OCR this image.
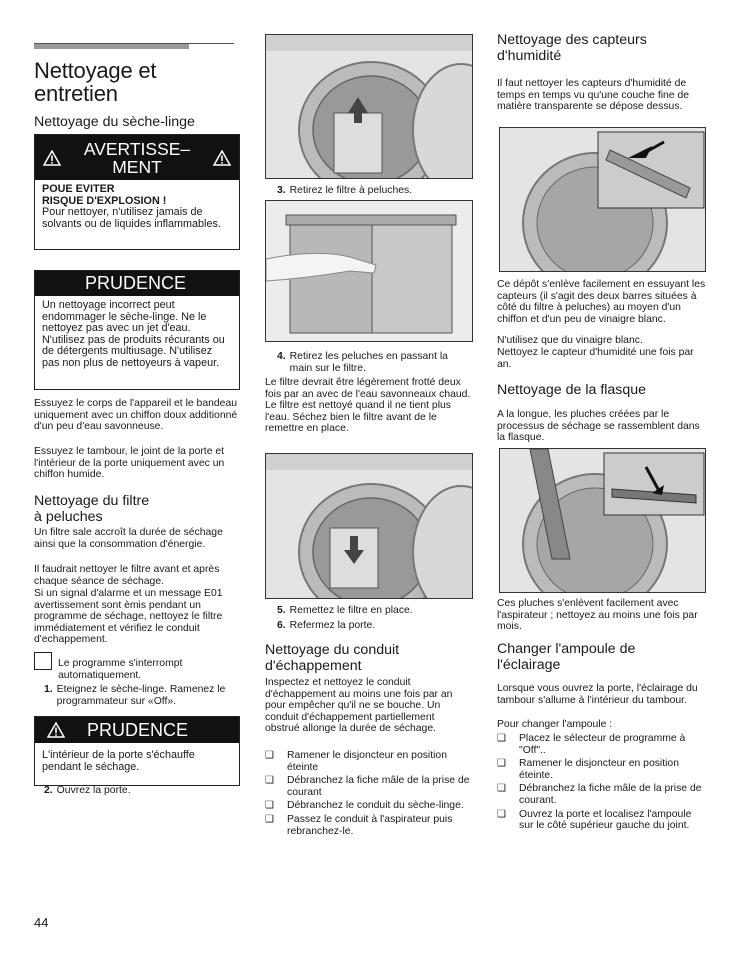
Nettoyage et
entretien
Nettoyage du sèche-linge
AVERTISSE–
MENT
POUE EVITER
RISQUE D'EXPLOSION !
Pour nettoyer, n'utilisez jamais de solvants ou de liquides inflammables.
PRUDENCE
Un nettoyage incorrect peut endommager le sèche-linge. Ne le nettoyez pas avec un jet d'eau. N'utilisez pas de produits récurants ou de détergents multiusage. N'utilisez pas non plus de nettoyeurs à vapeur.
Essuyez le corps de l'appareil et le bandeau uniquement avec un chiffon doux additionné d'un peu d'eau savonneuse.
Essuyez le tambour, le joint de la porte et l'intérieur de la porte uniquement avec un chiffon humide.
Nettoyage du filtre
à peluches
Un filtre sale accroît la durée de séchage ainsi que la consommation d'énergie.
Il faudrait nettoyer le filtre avant et après chaque séance de séchage.
Si un signal d'alarme et un message E01 avertissement sont èmis pendant un programme de séchage, nettoyez le filtre immédiatement et vérifiez le conduit d'echappement.
Le programme s'interrompt automatiquement.
1. Eteignez le sèche-linge. Ramenez le programmateur sur «Off».
PRUDENCE
L'intérieur de la porte s'échauffe pendant le séchage.
2. Ouvrez la porte.
44
3. Retirez le filtre à peluches.
4. Retirez les peluches en passant la main sur le filtre.
Le filtre devrait être légèrement frotté deux fois par an avec de l'eau savonneaux chaud. Le filtre est nettoyé quand il ne tient plus l'eau. Séchez bien le filtre avant de le remettre en place.
5. Remettez le filtre en place.
6. Refermez la porte.
Nettoyage du conduit
d'échappement
Inspectez et nettoyez le conduit d'échappement au moins une fois par an pour empêcher qu'il ne se bouche. Un conduit d'échappement partiellement obstrué allonge la durée de séchage.
❑ Ramener le disjoncteur en position éteinte
❑ Débranchez la fiche mâle de la prise de courant
❑ Débranchez le conduit du sèche-linge.
❑ Passez le conduit à l'aspirateur puis rebranchez-le.
Nettoyage des capteurs
d'humidité
Il faut nettoyer les capteurs d'humidité de temps en temps vu qu'une couche fine de matière transparente se dépose dessus.
Ce dépôt s'enlève facilement en essuyant les capteurs (il s'agit des deux barres situées à côté du filtre à peluches) au moyen d'un chiffon et d'un peu de vinaigre blanc.
N'utilisez que du vinaigre blanc.
Nettoyez le capteur d'humidité une fois par an.
Nettoyage de la flasque
A la longue, les pluches créées par le processus de séchage se rassemblent dans la flasque.
Ces pluches s'enlèvent facilement avec l'aspirateur ; nettoyez au moins une fois par mois.
Changer l'ampoule de
l'éclairage
Lorsque vous ouvrez la porte, l'éclairage du tambour s'allume à l'intérieur du tambour.
Pour changer l'ampoule :
❑ Placez le sélecteur de programme à "Off"..
❑ Ramener le disjoncteur en position éteinte.
❑ Débranchez la fiche mâle de la prise de courant.
❑ Ouvrez la porte et localisez l'ampoule sur le côté supérieur gauche du joint.
